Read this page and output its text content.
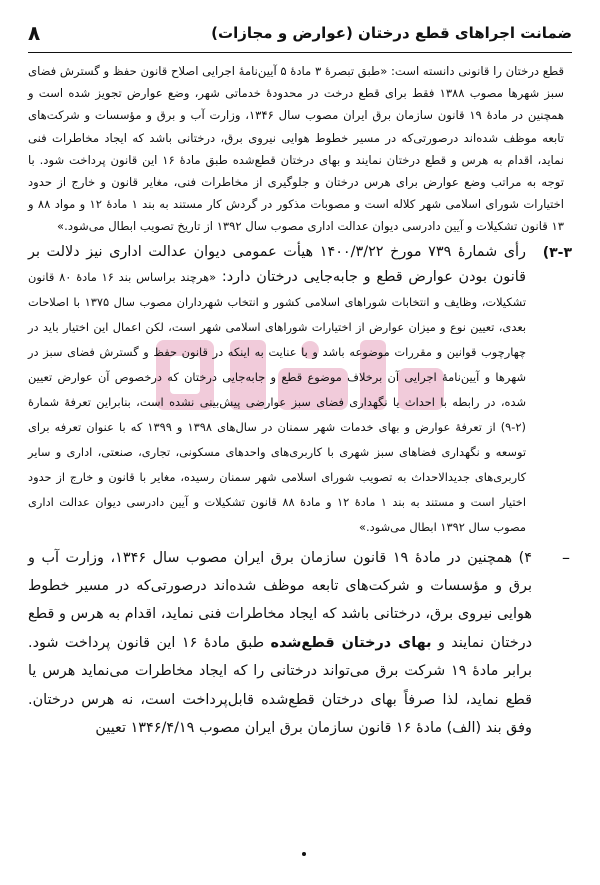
ضمانت اجراهای قطع درختان (عوارض و مجازات)
۸

قطع درختان را قانونی دانسته است: «طبق تبصرهٔ ۳ مادهٔ ۵ آیین‌نامهٔ اجرایی اصلاح قانون حفظ و گسترش فضای سبز شهرها مصوب ۱۳۸۸ فقط برای قطع درخت در محدودهٔ خدماتی شهر، وضع عوارض تجویز شده است و همچنین در مادهٔ ۱۹ قانون سازمان برق ایران مصوب سال ۱۳۴۶، وزارت آب و برق و مؤسسات و شرکت‌های تابعه موظف شده‌اند درصورتی‌که در مسیر خطوط هوایی نیروی برق، درختانی باشد که ایجاد مخاطرات فنی نماید، اقدام به هرس و قطع درختان نمایند و بهای درختان قطع‌شده طبق مادهٔ ۱۶ این قانون پرداخت شود. با توجه به مراتب وضع عوارض برای هرس درختان و جلوگیری از مخاطرات فنی، مغایر قانون و خارج از حدود اختیارات شورای اسلامی شهر کلاله است و مصوبات مذکور در گردش کار مستند به بند ۱ مادهٔ ۱۲ و مواد ۸۸ و ۱۳ قانون تشکیلات و آیین دادرسی دیوان عدالت اداری مصوب سال ۱۳۹۲ از تاریخ تصویب ابطال می‌شود.»

۳-۳)

رأی شمارهٔ ۷۳۹ مورخ ۱۴۰۰/۳/۲۲ هیأت عمومی دیوان عدالت اداری نیز دلالت بر قانون بودن عوارض قطع و جابه‌جایی درختان دارد: «هرچند براساس بند ۱۶ مادهٔ ۸۰ قانون تشکیلات، وظایف و انتخابات شوراهای اسلامی کشور و انتخاب شهرداران مصوب سال ۱۳۷۵ با اصلاحات بعدی، تعیین نوع و میزان عوارض از اختیارات شوراهای اسلامی شهر است، لکن اعمال این اختیار باید در چهارچوب قوانین و مقررات موضوعه باشد و با عنایت به اینکه در قانون حفظ و گسترش فضای سبز در شهرها و آیین‌نامهٔ اجرایی آن برخلاف موضوع قطع و جابه‌جایی درختان که درخصوص آن عوارض تعیین شده، در رابطه با احداث یا نگهداری فضای سبز عوارضی پیش‌بینی نشده است، بنابراین تعرفهٔ شمارهٔ (۲-۹) از تعرفهٔ عوارض و بهای خدمات شهر سمنان در سال‌های ۱۳۹۸ و ۱۳۹۹ که با عنوان تعرفه برای توسعه و نگهداری فضاهای سبز شهری با کاربری‌های واحدهای مسکونی، تجاری، صنعتی، اداری و سایر کاربری‌های جدیدالاحداث به تصویب شورای اسلامی شهر سمنان رسیده، مغایر با قانون و خارج از حدود اختیار است و مستند به بند ۱ مادهٔ ۱۲ و مادهٔ ۸۸ قانون تشکیلات و آیین دادرسی دیوان عدالت اداری مصوب سال ۱۳۹۲ ابطال می‌شود.»

–

۴) همچنین در مادهٔ ۱۹ قانون سازمان برق ایران مصوب سال ۱۳۴۶، وزارت آب و برق و مؤسسات و شرکت‌های تابعه موظف شده‌اند درصورتی‌که در مسیر خطوط هوایی نیروی برق، درختانی باشد که ایجاد مخاطرات فنی نماید، اقدام به هرس و قطع درختان نمایند و بهای درختان قطع‌شده طبق مادهٔ ۱۶ این قانون پرداخت شود. برابر مادهٔ ۱۹ شرکت برق می‌تواند درختانی را که ایجاد مخاطرات می‌نماید هرس یا قطع نماید، لذا صرفاً بهای درختان قطع‌شده قابل‌پرداخت است، نه هرس درختان. وفق بند (الف) مادهٔ ۱۶ قانون سازمان برق ایران مصوب ۱۳۴۶/۴/۱۹ تعیین
